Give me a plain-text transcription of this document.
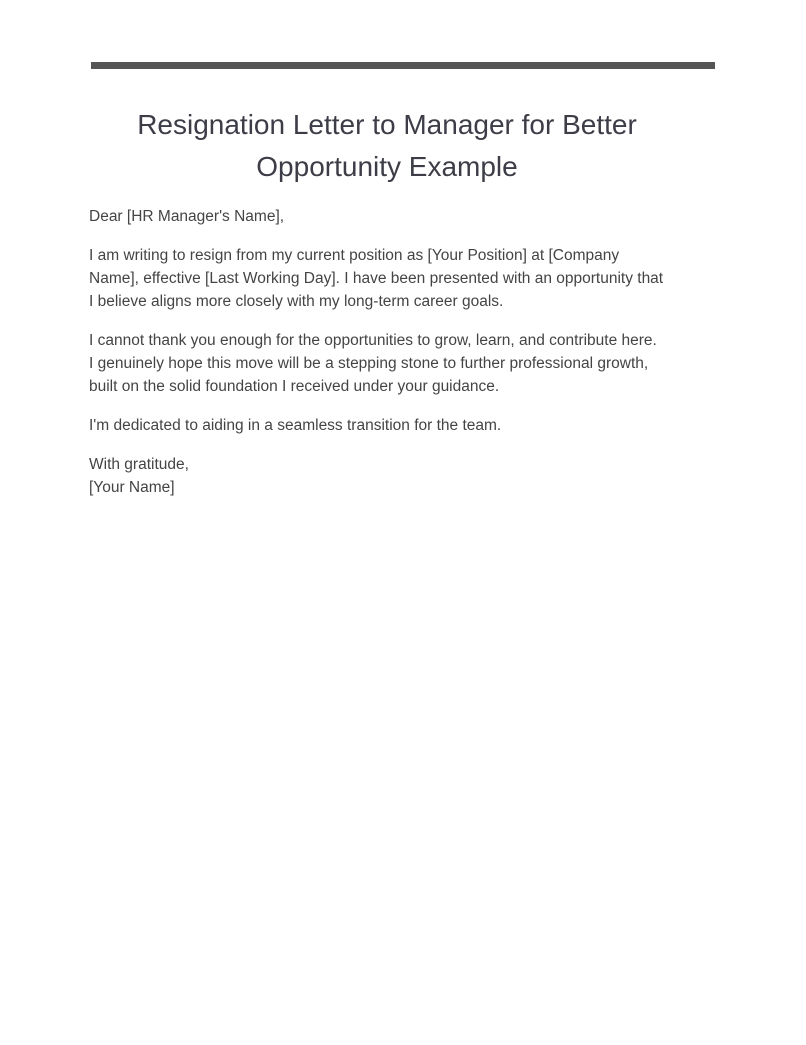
Resignation Letter to Manager for Better
Opportunity Example

Dear [HR Manager's Name],

I am writing to resign from my current position as [Your Position] at [Company
Name], effective [Last Working Day]. I have been presented with an opportunity that
I believe aligns more closely with my long-term career goals.

I cannot thank you enough for the opportunities to grow, learn, and contribute here.
I genuinely hope this move will be a stepping stone to further professional growth,
built on the solid foundation I received under your guidance.

I'm dedicated to aiding in a seamless transition for the team.

With gratitude,
[Your Name]
